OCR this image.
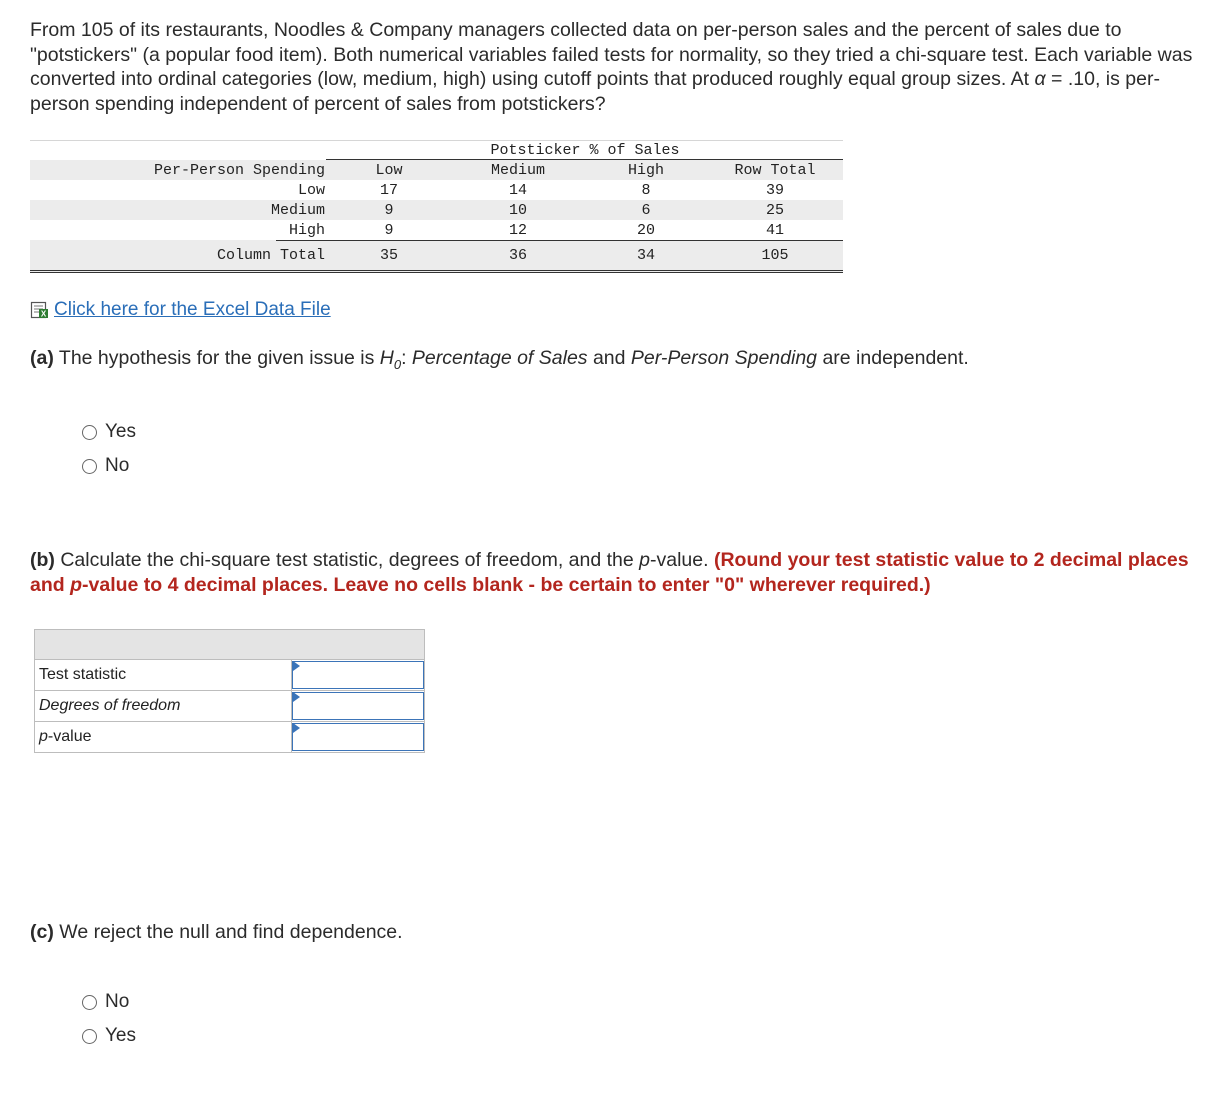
From 105 of its restaurants, Noodles & Company managers collected data on per-person sales and the percent of sales due to "potstickers" (a popular food item). Both numerical variables failed tests for normality, so they tried a chi-square test. Each variable was converted into ordinal categories (low, medium, high) using cutoff points that produced roughly equal group sizes. At α = .10, is per-person spending independent of percent of sales from potstickers?

Potsticker % of Sales
Per-Person Spending	Low	Medium	High	Row Total
Low	17	14	8	39
Medium	9	10	6	25
High	9	12	20	41
Column Total	35	36	34	105
X Click here for the Excel Data File

(a) The hypothesis for the given issue is $H_0$: Percentage of Sales and Per-Person Spending are independent.

Yes
No

(b) Calculate the chi-square test statistic, degrees of freedom, and the p-value. (Round your test statistic value to 2 decimal places and p-value to 4 decimal places. Leave no cells blank - be certain to enter "0" wherever required.)

Test statistic	

Degrees of freedom	

p-value	

(c) We reject the null and find dependence.

No
Yes
